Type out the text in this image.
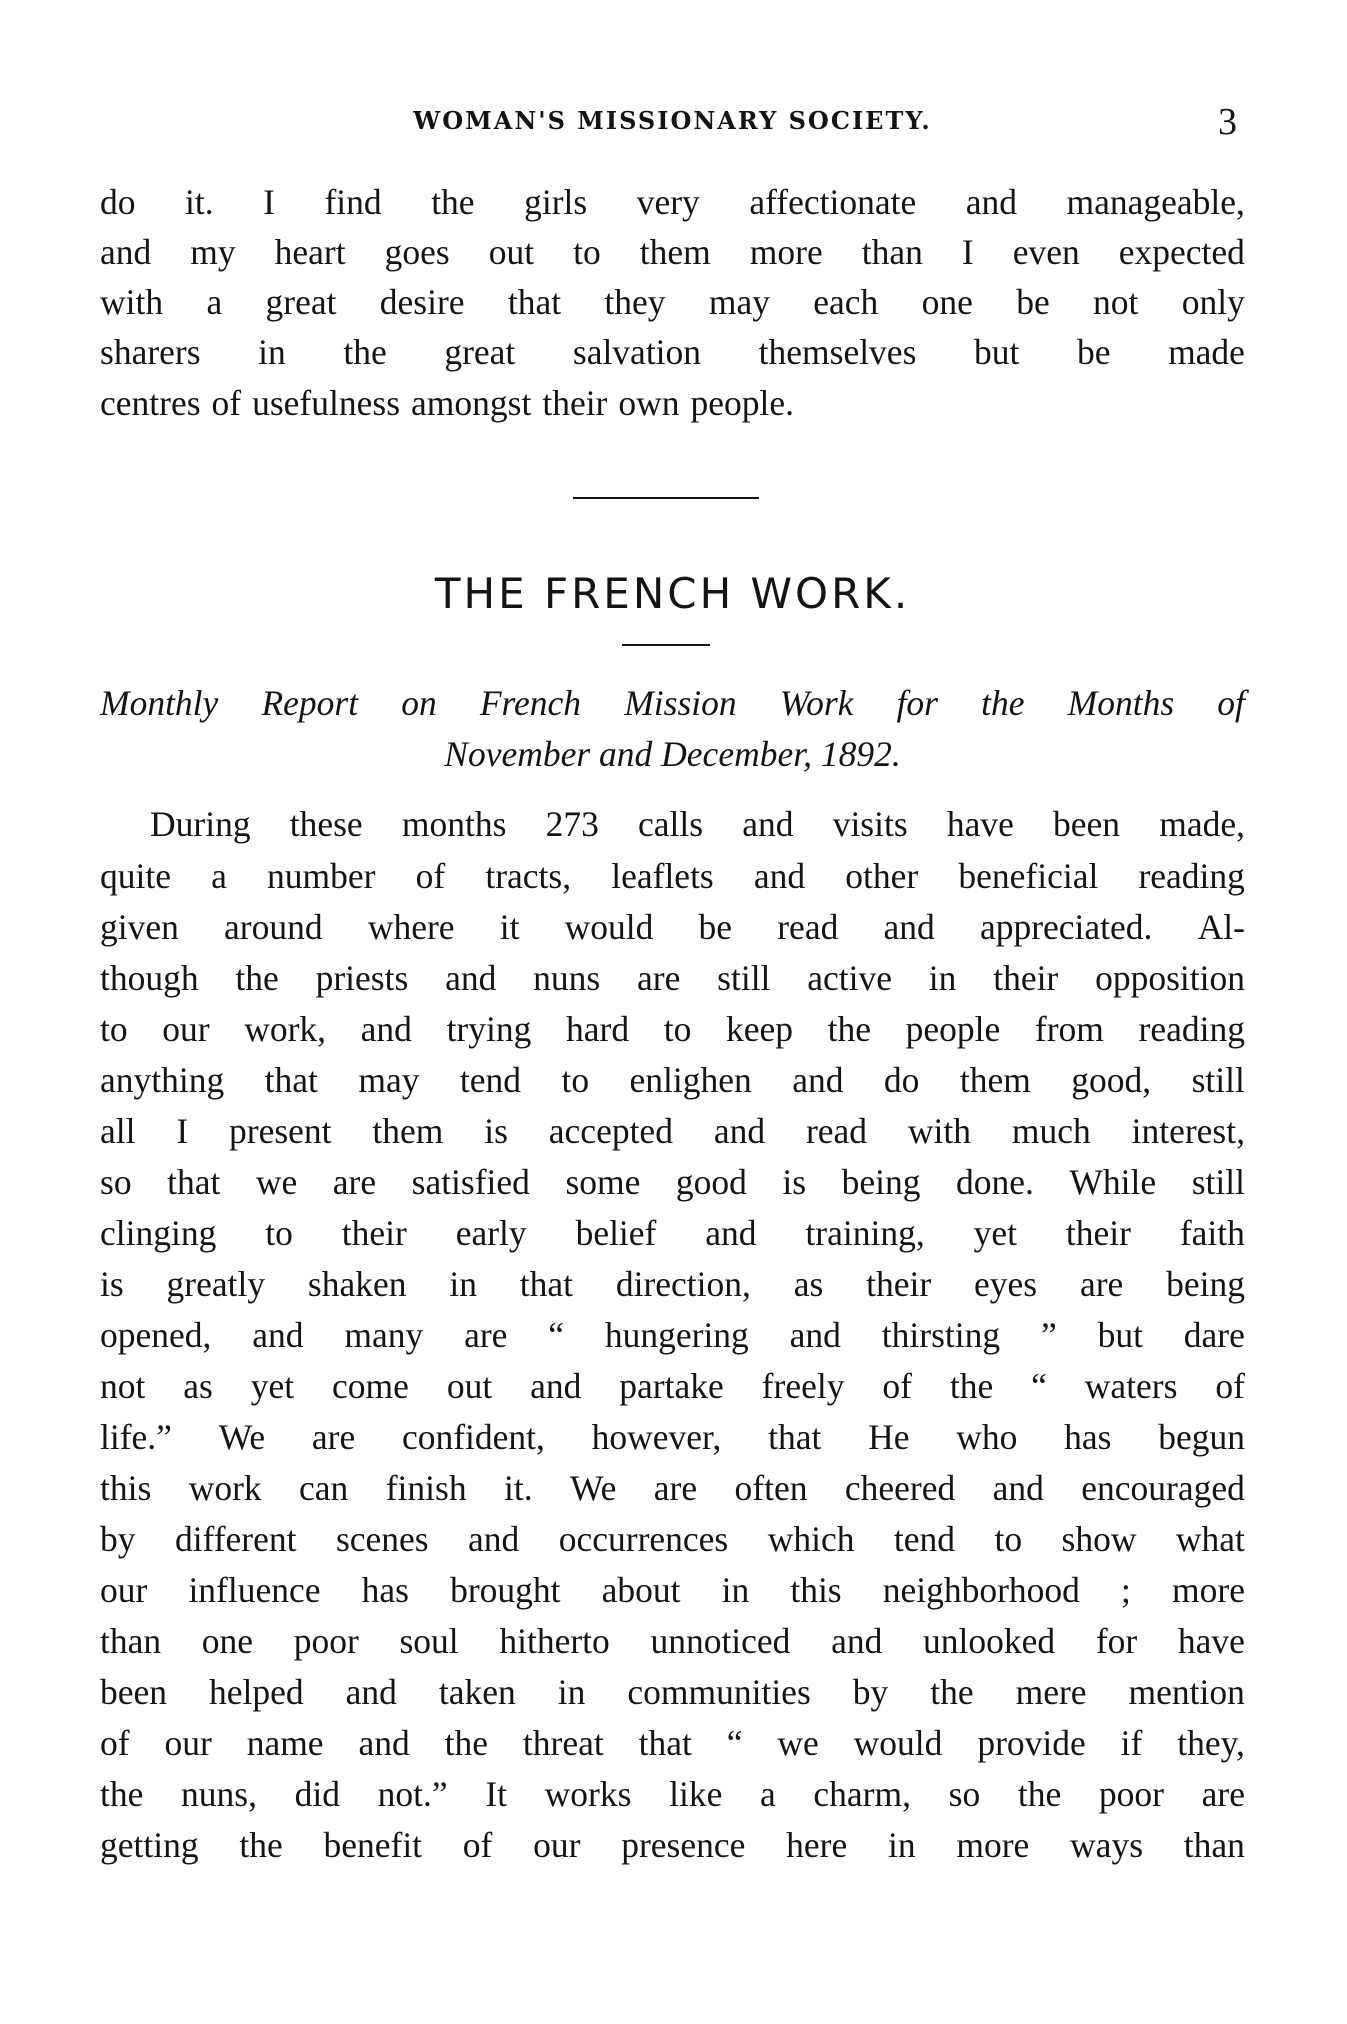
WOMAN'S MISSIONARY SOCIETY.	3
do it. I find the girls very affectionate and manageable,
and my heart goes out to them more than I even expected
with a great desire that they may each one be not only
sharers in the great salvation themselves but be made
centres of usefulness amongst their own people.
THE FRENCH WORK.
Monthly Report on French Mission Work for the Months of
November and December, 1892.
During these months 273 calls and visits have been made,
quite a number of tracts, leaflets and other beneficial reading
given around where it would be read and appreciated. Al-
though the priests and nuns are still active in their opposition
to our work, and trying hard to keep the people from reading
anything that may tend to enlighen and do them good, still
all I present them is accepted and read with much interest,
so that we are satisfied some good is being done. While still
clinging to their early belief and training, yet their faith
is greatly shaken in that direction, as their eyes are being
opened, and many are “ hungering and thirsting ” but dare
not as yet come out and partake freely of the “ waters of
life.” We are confident, however, that He who has begun
this work can finish it. We are often cheered and encouraged
by different scenes and occurrences which tend to show what
our influence has brought about in this neighborhood ; more
than one poor soul hitherto unnoticed and unlooked for have
been helped and taken in communities by the mere mention
of our name and the threat that “ we would provide if they,
the nuns, did not.” It works like a charm, so the poor are
getting the benefit of our presence here in more ways than
